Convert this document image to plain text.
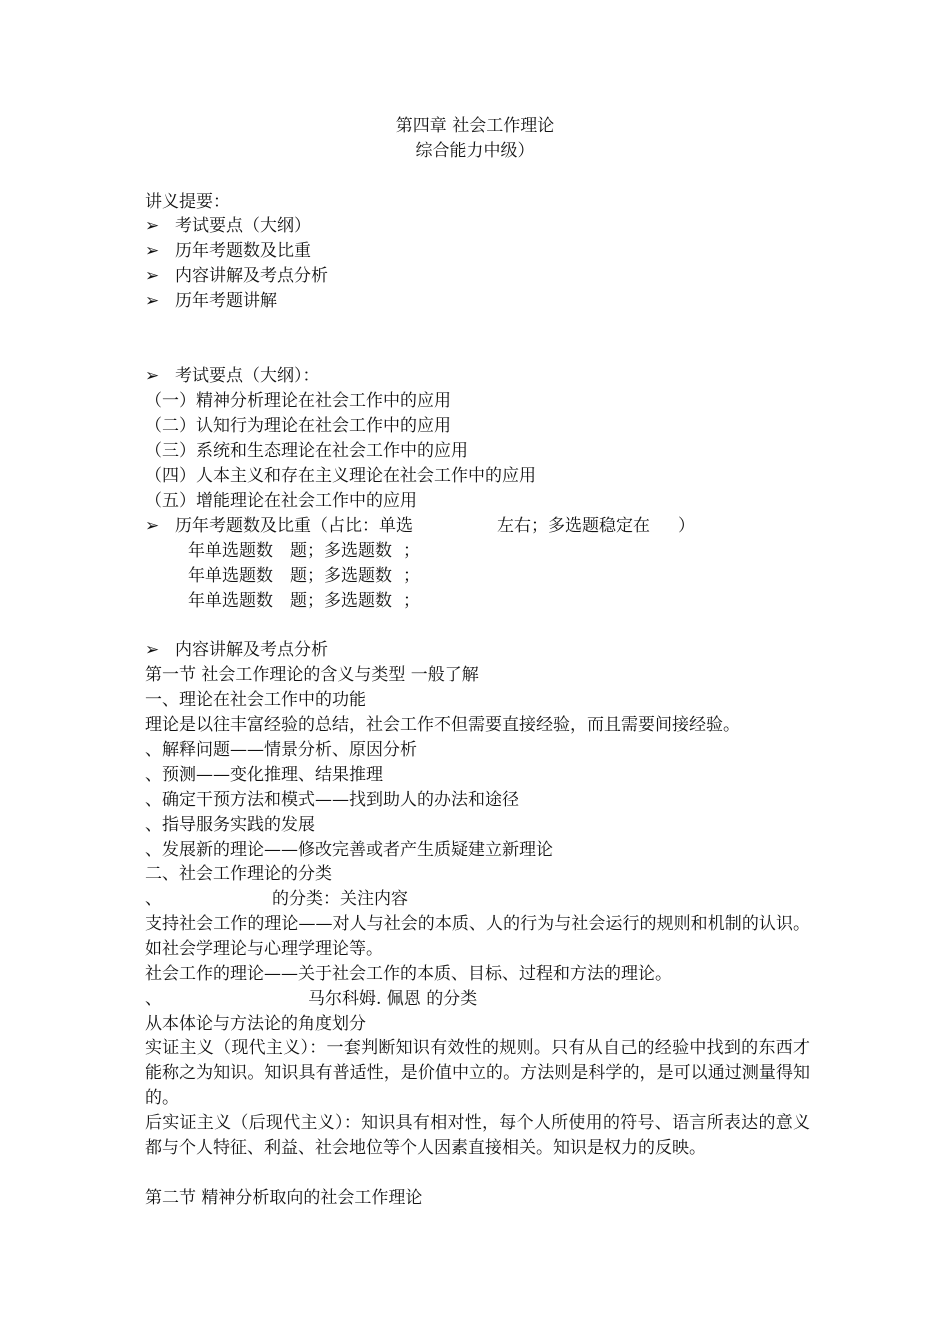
第四章 社会工作理论
综合能力中级）
讲义提要：
➢ 考试要点（大纲）
➢ 历年考题数及比重
➢ 内容讲解及考点分析
➢ 历年考题讲解
➢ 考试要点（大纲）：
（一）精神分析理论在社会工作中的应用
（二）认知行为理论在社会工作中的应用
（三）系统和生态理论在社会工作中的应用
（四）人本主义和存在主义理论在社会工作中的应用
（五）增能理论在社会工作中的应用
➢ 历年考题数及比重（占比：单选	左右；多选题稳定在 ）
年单选题数 题；多选题数 ；
年单选题数 题；多选题数 ；
年单选题数 题；多选题数 ；
➢ 内容讲解及考点分析
第一节 社会工作理论的含义与类型 一般了解
一、理论在社会工作中的功能
理论是以往丰富经验的总结，社会工作不但需要直接经验，而且需要间接经验。
、解释问题——情景分析、原因分析
、预测——变化推理、结果推理
、确定干预方法和模式——找到助人的办法和途径
、指导服务实践的发展
、发展新的理论——修改完善或者产生质疑建立新理论
二、社会工作理论的分类
、	的分类：关注内容
支持社会工作的理论——对人与社会的本质、人的行为与社会运行的规则和机制的认识。如社会学理论与心理学理论等。
社会工作的理论——关于社会工作的本质、目标、过程和方法的理论。
、	马尔科姆. 佩恩 的分类
从本体论与方法论的角度划分
实证主义（现代主义）：一套判断知识有效性的规则。只有从自己的经验中找到的东西才能称之为知识。知识具有普适性，是价值中立的。方法则是科学的，是可以通过测量得知的。
后实证主义（后现代主义）：知识具有相对性，每个人所使用的符号、语言所表达的意义都与个人特征、利益、社会地位等个人因素直接相关。知识是权力的反映。
第二节 精神分析取向的社会工作理论
